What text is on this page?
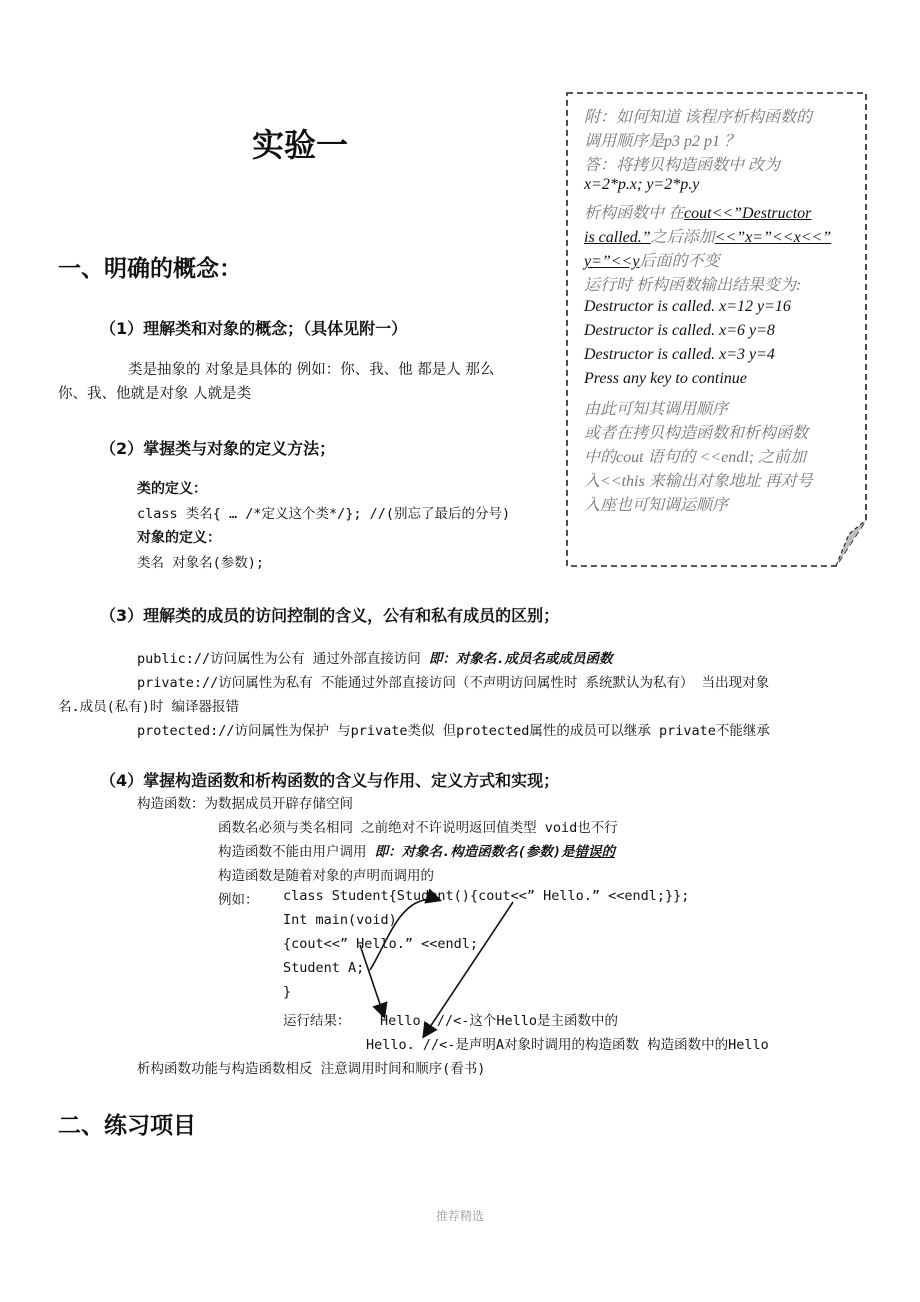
实验一
一、明确的概念：
（1）理解类和对象的概念；（具体见附一）
类是抽象的 对象是具体的 例如：你、我、他 都是人 那么
你、我、他就是对象 人就是类
（2）掌握类与对象的定义方法；
类的定义：
class 类名{ … /*定义这个类*/}; //(别忘了最后的分号)
对象的定义：
类名 对象名(参数);
（3）理解类的成员的访问控制的含义，公有和私有成员的区别；
public://访问属性为公有 通过外部直接访问 即：对象名.成员名或成员函数
private://访问属性为私有 不能通过外部直接访问（不声明访问属性时 系统默认为私有） 当出现对象
名.成员(私有)时 编译器报错
protected://访问属性为保护 与private类似 但protected属性的成员可以继承 private不能继承
（4）掌握构造函数和析构函数的含义与作用、定义方式和实现；
构造函数：为数据成员开辟存储空间
函数名必须与类名相同 之前绝对不许说明返回值类型 void也不行
构造函数不能由用户调用 即：对象名.构造函数名(参数)是错误的
构造函数是随着对象的声明而调用的
例如： class Student{Student(){cout<<” Hello.” <<endl;}};
Int main(void)
{cout<<” Hello.” <<endl;
Student A;
}
运行结果： Hello. //<-这个Hello是主函数中的
Hello. //<-是声明A对象时调用的构造函数 构造函数中的Hello
析构函数功能与构造函数相反 注意调用时间和顺序(看书)
附：如何知道 该程序析构函数的
调用顺序是p3 p2 p1 ？
答：将拷贝构造函数中 改为
x=2*p.x; y=2*p.y
析构函数中 在cout<<”Destructor
is called.”之后添加<<”x=”<<x<<”
y=”<<y后面的不变
运行时 析构函数输出结果变为:
Destructor is called. x=12 y=16
Destructor is called. x=6 y=8
Destructor is called. x=3 y=4
Press any key to continue
由此可知其调用顺序
或者在拷贝构造函数和析构函数
中的cout 语句的 <<endl; 之前加
入<<this 来输出对象地址 再对号
入座也可知调运顺序
二、练习项目
推荐精选
